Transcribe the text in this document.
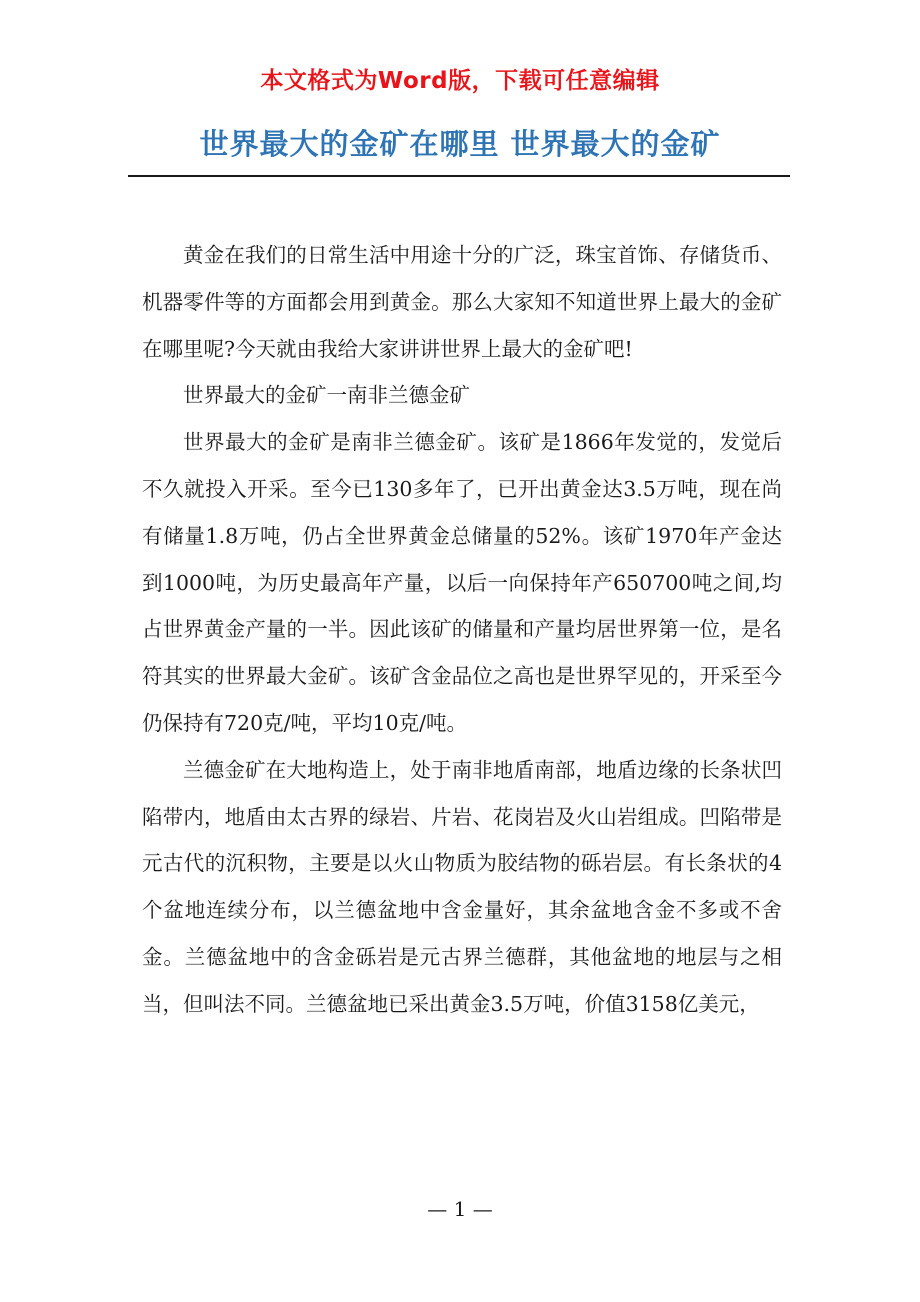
本文格式为Word版，下载可任意编辑
世界最大的金矿在哪里 世界最大的金矿

黄金在我们的日常生活中用途十分的广泛，珠宝首饰、存储货币、机器零件等的方面都会用到黄金。那么大家知不知道世界上最大的金矿在哪里呢?今天就由我给大家讲讲世界上最大的金矿吧!

世界最大的金矿一南非兰德金矿

世界最大的金矿是南非兰德金矿。该矿是1866年发觉的，发觉后不久就投入开采。至今已130多年了，已开出黄金达3.5万吨，现在尚有储量1.8万吨，仍占全世界黄金总储量的52%。该矿1970年产金达到1000吨，为历史最高年产量，以后一向保持年产650700吨之间,均占世界黄金产量的一半。因此该矿的储量和产量均居世界第一位，是名符其实的世界最大金矿。该矿含金品位之高也是世界罕见的，开采至今仍保持有720克/吨，平均10克/吨。

兰德金矿在大地构造上，处于南非地盾南部，地盾边缘的长条状凹陷带内，地盾由太古界的绿岩、片岩、花岗岩及火山岩组成。凹陷带是元古代的沉积物，主要是以火山物质为胶结物的砾岩层。有长条状的4个盆地连续分布，以兰德盆地中含金量好，其余盆地含金不多或不舍金。兰德盆地中的含金砾岩是元古界兰德群，其他盆地的地层与之相当，但叫法不同。兰德盆地已采出黄金3.5万吨，价值3158亿美元，

— 1 —
